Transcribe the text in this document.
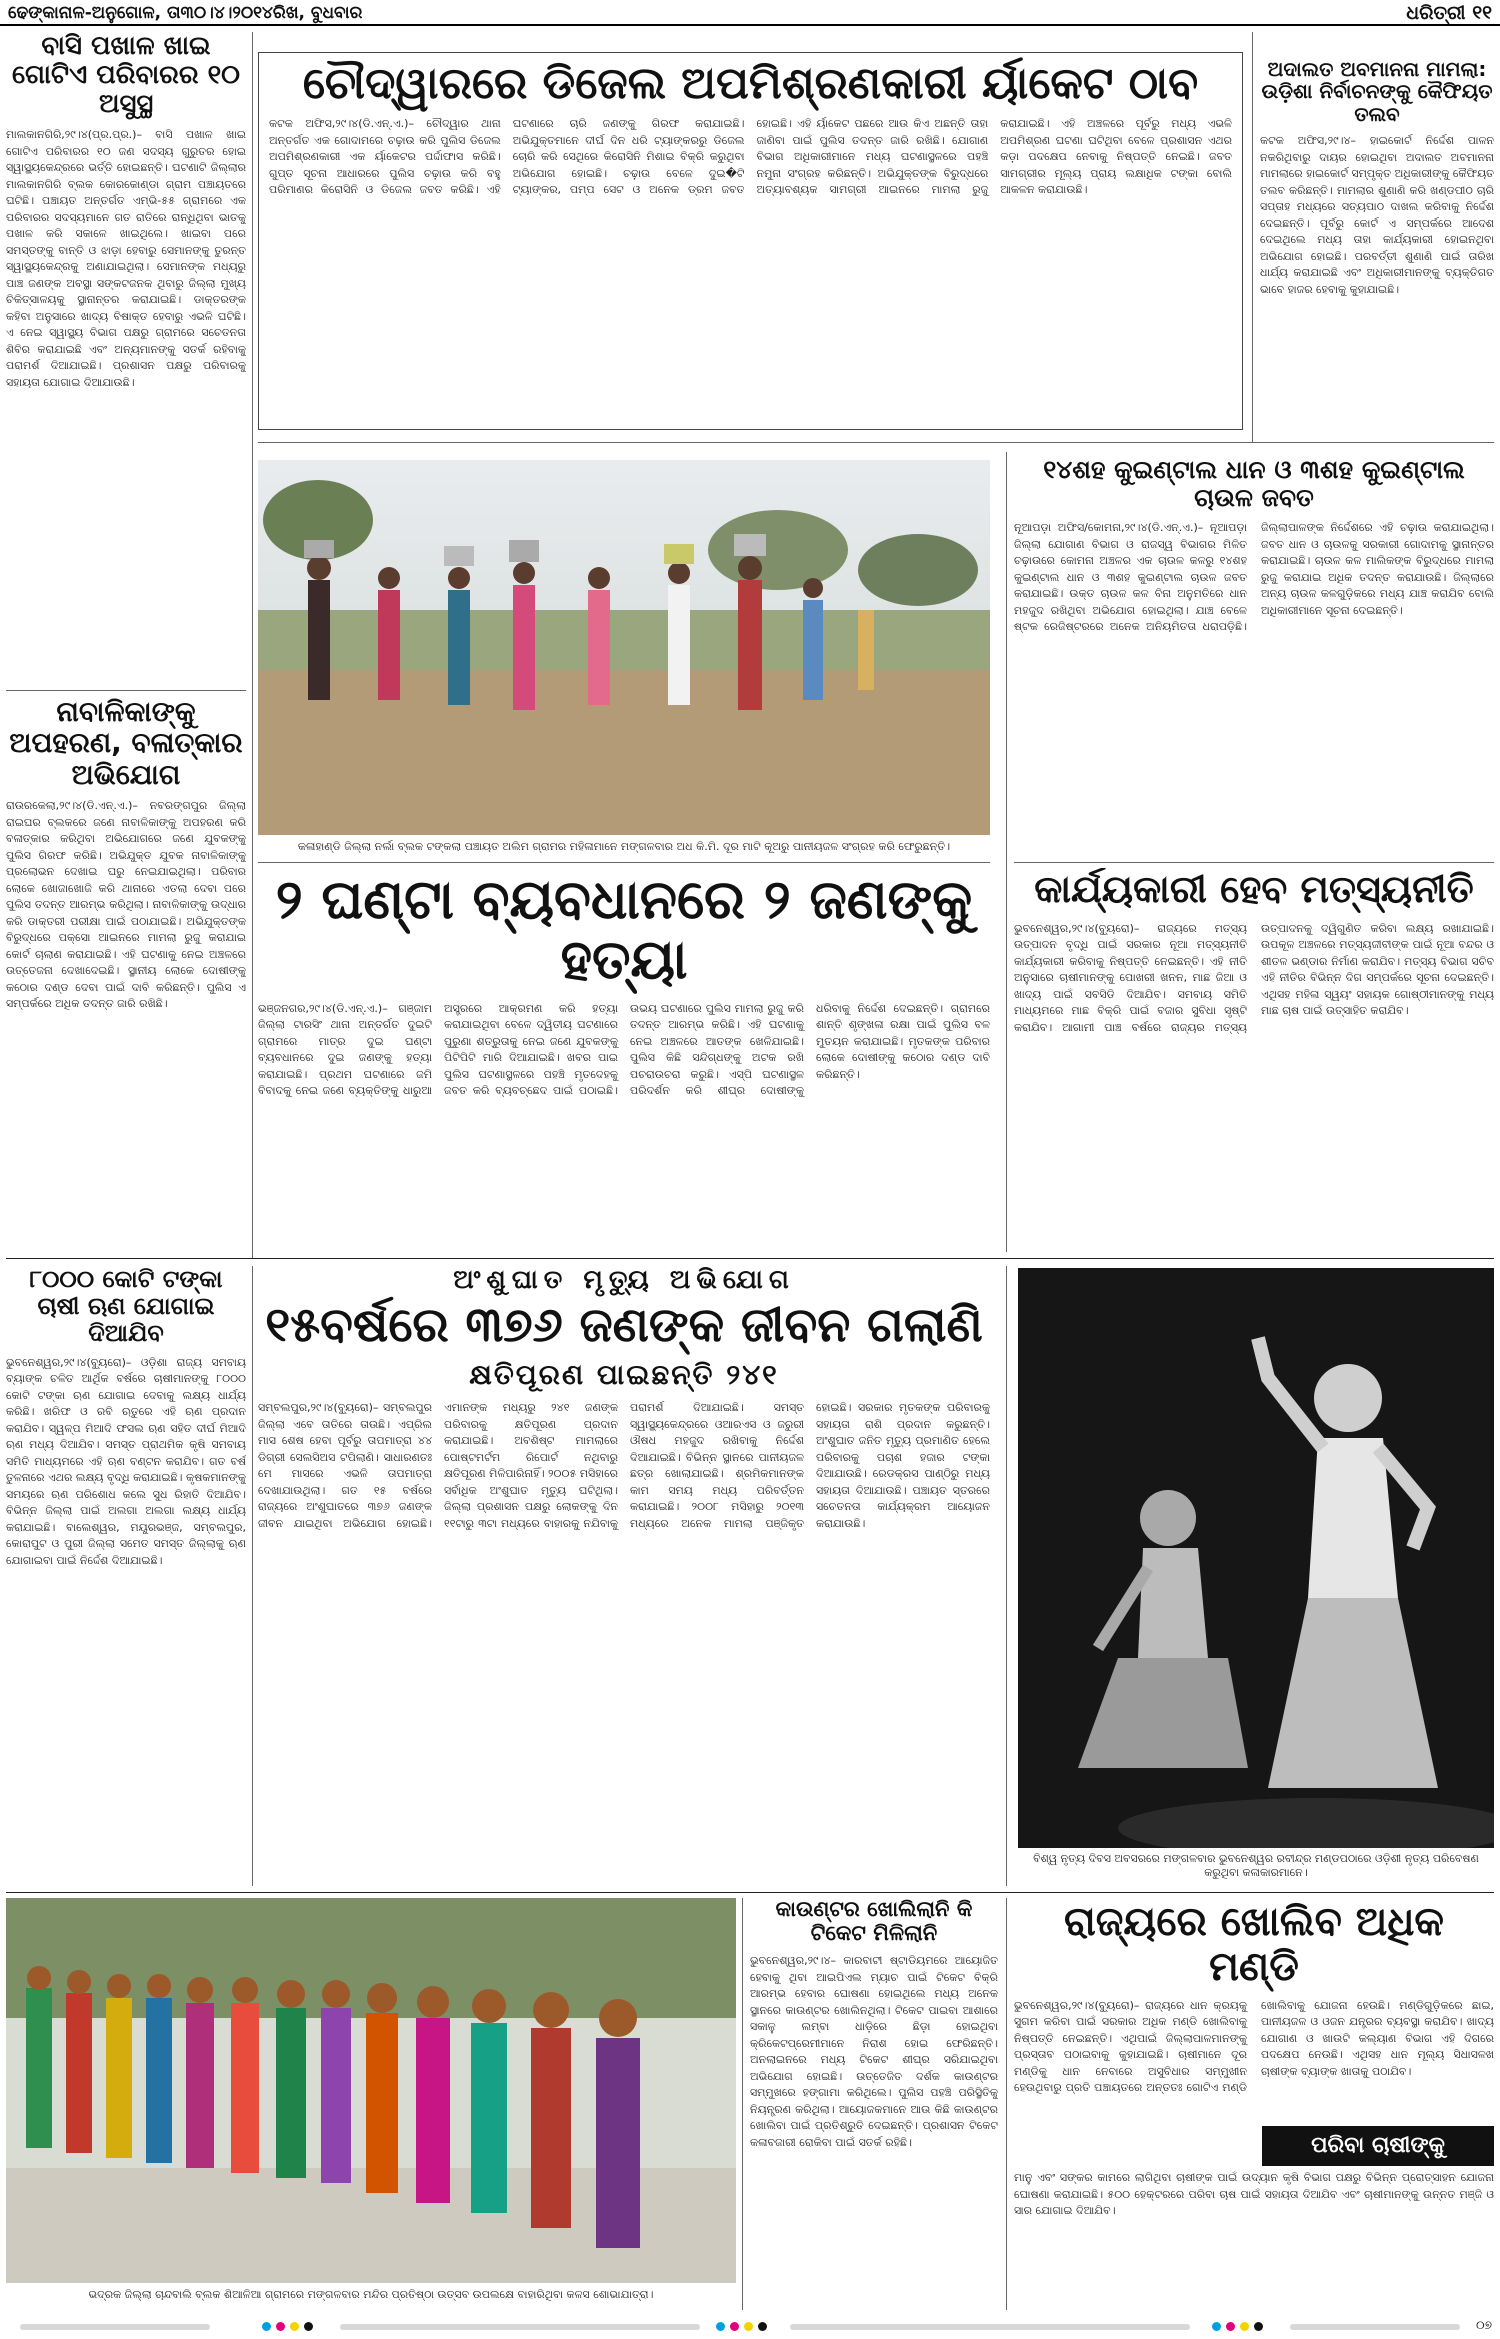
ଢେଙ୍କାନାଳ-ଅନୁଗୋଳ, ତା୩୦।୪।୨୦୧୪ରିଖ, ବୁଧବାର	ଧରିତ୍ରୀ ୧୧
ବାସି ପଖାଳ ଖାଇ ଗୋଟିଏ ପରିବାରର ୧୦ ଅସୁସ୍ଥ
ମାଲକାନଗିରି,୨୯।୪(ପ୍ର.ପ୍ର.)– ବାସି ପଖାଳ ଖାଇ ଗୋଟିଏ ପରିବାରର ୧୦ ଜଣ ସଦସ୍ୟ ଗୁରୁତର ହୋଇ ସ୍ୱାସ୍ଥ୍ୟକେନ୍ଦ୍ରରେ ଭର୍ତ୍ତି ହୋଇଛନ୍ତି। ଘଟଣାଟି ଜିଲ୍ଲାର ମାଲକାନଗିରି ବ୍ଲକ କୋରକୋଣ୍ଡା ଗ୍ରାମ ପଞ୍ଚାୟତରେ ଘଟିଛି। ପଞ୍ଚାୟତ ଅନ୍ତର୍ଗତ ଏମ୍‌ଭି-୫୫ ଗ୍ରାମରେ ଏକ ପରିବାରର ସଦସ୍ୟମାନେ ଗତ ରାତିରେ ରାନ୍ଧିଥିବା ଭାତକୁ ପଖାଳ କରି ସକାଳେ ଖାଇଥିଲେ। ଖାଇବା ପରେ ସମସ୍ତଙ୍କୁ ବାନ୍ତି ଓ ଝାଡ଼ା ହେବାରୁ ସେମାନଙ୍କୁ ତୁରନ୍ତ ସ୍ୱାସ୍ଥ୍ୟକେନ୍ଦ୍ରକୁ ଅଣାଯାଇଥିଲା। ସେମାନଙ୍କ ମଧ୍ୟରୁ ପାଞ୍ଚ ଜଣଙ୍କ ଅବସ୍ଥା ସଙ୍କଟଜନକ ଥିବାରୁ ଜିଲ୍ଲା ମୁଖ୍ୟ ଚିକିତ୍ସାଳୟକୁ ସ୍ଥାନାନ୍ତର କରାଯାଇଛି। ଡାକ୍ତରଙ୍କ କହିବା ଅନୁସାରେ ଖାଦ୍ୟ ବିଷାକ୍ତ ହେବାରୁ ଏଭଳି ଘଟିଛି। ଏ ନେଇ ସ୍ୱାସ୍ଥ୍ୟ ବିଭାଗ ପକ୍ଷରୁ ଗ୍ରାମରେ ସଚେତନତା ଶିବିର କରାଯାଇଛି ଏବଂ ଅନ୍ୟମାନଙ୍କୁ ସତର୍କ ରହିବାକୁ ପରାମର୍ଶ ଦିଆଯାଇଛି। ପ୍ରଶାସନ ପକ୍ଷରୁ ପରିବାରକୁ ସହାୟତା ଯୋଗାଇ ଦିଆଯାଉଛି।
ନାବାଳିକାଙ୍କୁ ଅପହରଣ, ବଳାତ୍କାର ଅଭିଯୋଗ
ରାଉରକେଲା,୨୯।୪(ଡି.ଏନ୍.ଏ.)– ନବରଙ୍ଗପୁର ଜିଲ୍ଲା ରାଇଘର ବ୍ଲକରେ ଜଣେ ନାବାଳିକାଙ୍କୁ ଅପହରଣ କରି ବଳାତ୍କାର କରିଥିବା ଅଭିଯୋଗରେ ଜଣେ ଯୁବକଙ୍କୁ ପୁଲିସ ଗିରଫ କରିଛି। ଅଭିଯୁକ୍ତ ଯୁବକ ନାବାଳିକାଙ୍କୁ ପ୍ରଲୋଭନ ଦେଖାଇ ଘରୁ ନେଇଯାଇଥିଲା। ପରିବାର ଲୋକେ ଖୋଜାଖୋଜି କରି ଥାନାରେ ଏତଲା ଦେବା ପରେ ପୁଲିସ ତଦନ୍ତ ଆରମ୍ଭ କରିଥିଲା। ନାବାଳିକାଙ୍କୁ ଉଦ୍ଧାର କରି ଡାକ୍ତରୀ ପରୀକ୍ଷା ପାଇଁ ପଠାଯାଇଛି। ଅଭିଯୁକ୍ତଙ୍କ ବିରୁଦ୍ଧରେ ପକ୍ସୋ ଆଇନରେ ମାମଲା ରୁଜୁ କରାଯାଇ କୋର୍ଟ ଚାଲାଣ କରାଯାଇଛି। ଏହି ଘଟଣାକୁ ନେଇ ଅଞ୍ଚଳରେ ଉତ୍ତେଜନା ଦେଖାଦେଇଛି। ସ୍ଥାନୀୟ ଲୋକେ ଦୋଷୀଙ୍କୁ କଠୋର ଦଣ୍ଡ ଦେବା ପାଇଁ ଦାବି କରିଛନ୍ତି। ପୁଲିସ ଏ ସମ୍ପର୍କରେ ଅଧିକ ତଦନ୍ତ ଜାରି ରଖିଛି।
ଚୌଦ୍ୱାରରେ ଡିଜେଲ ଅପମିଶ୍ରଣକାରୀ ର୍ୟାକେଟ ଠାବ
କଟକ ଅଫିସ,୨୯।୪(ଡି.ଏନ୍.ଏ.)– ଚୌଦ୍ୱାର ଥାନା ଅନ୍ତର୍ଗତ ଏକ ଗୋଦାମରେ ଚଢ଼ାଉ କରି ପୁଲିସ ଡିଜେଲ ଅପମିଶ୍ରଣକାରୀ ଏକ ର୍ୟାକେଟର ପର୍ଦ୍ଦାଫାସ କରିଛି। ଗୁପ୍ତ ସୂଚନା ଆଧାରରେ ପୁଲିସ ଚଢ଼ାଉ କରି ବହୁ ପରିମାଣର କିରୋସିନି ଓ ଡିଜେଲ ଜବତ କରିଛି। ଏହି ଘଟଣାରେ ଚାରି ଜଣଙ୍କୁ ଗିରଫ କରାଯାଇଛି। ଅଭିଯୁକ୍ତମାନେ ଦୀର୍ଘ ଦିନ ଧରି ଟ୍ୟାଙ୍କରରୁ ଡିଜେଲ ଚୋରି କରି ସେଥିରେ କିରୋସିନି ମିଶାଇ ବିକ୍ରି କରୁଥିବା ଅଭିଯୋଗ ହୋଇଛି। ଚଢ଼ାଉ ବେଳେ ଦୁଇ�ଟି ଟ୍ୟାଙ୍କର, ପମ୍ପ ସେଟ ଓ ଅନେକ ଡ୍ରମ ଜବତ ହୋଇଛି। ଏହି ର୍ୟାକେଟ ପଛରେ ଆଉ କିଏ ଅଛନ୍ତି ତାହା ଜାଣିବା ପାଇଁ ପୁଲିସ ତଦନ୍ତ ଜାରି ରଖିଛି। ଯୋଗାଣ ବିଭାଗ ଅଧିକାରୀମାନେ ମଧ୍ୟ ଘଟଣାସ୍ଥଳରେ ପହଞ୍ଚି ନମୁନା ସଂଗ୍ରହ କରିଛନ୍ତି। ଅଭିଯୁକ୍ତଙ୍କ ବିରୁଦ୍ଧରେ ଅତ୍ୟାବଶ୍ୟକ ସାମଗ୍ରୀ ଆଇନରେ ମାମଲା ରୁଜୁ କରାଯାଇଛି। ଏହି ଅଞ୍ଚଳରେ ପୂର୍ବରୁ ମଧ୍ୟ ଏଭଳି ଅପମିଶ୍ରଣ ଘଟଣା ଘଟିଥିବା ବେଳେ ପ୍ରଶାସନ ଏଥର କଡ଼ା ପଦକ୍ଷେପ ନେବାକୁ ନିଷ୍ପତ୍ତି ନେଇଛି। ଜବତ ସାମଗ୍ରୀର ମୂଲ୍ୟ ପ୍ରାୟ ଲକ୍ଷାଧିକ ଟଙ୍କା ବୋଲି ଆକଳନ କରାଯାଉଛି।
ଅଦାଲତ ଅବମାନନା ମାମଲା: ଉଡ଼ିଶା ନିର୍ବାଚନଙ୍କୁ କୈଫିୟତ ତଲବ
କଟକ ଅଫିସ,୨୯।୪– ହାଇକୋର୍ଟ ନିର୍ଦ୍ଦେଶ ପାଳନ ନକରିଥିବାରୁ ଦାୟର ହୋଇଥିବା ଅଦାଲତ ଅବମାନନା ମାମଲାରେ ହାଇକୋର୍ଟ ସମ୍ପୃକ୍ତ ଅଧିକାରୀଙ୍କୁ କୈଫିୟତ ତଲବ କରିଛନ୍ତି। ମାମଲାର ଶୁଣାଣି କରି ଖଣ୍ଡପୀଠ ଚାରି ସପ୍ତାହ ମଧ୍ୟରେ ସତ୍ୟପାଠ ଦାଖଲ କରିବାକୁ ନିର୍ଦ୍ଦେଶ ଦେଇଛନ୍ତି। ପୂର୍ବରୁ କୋର୍ଟ ଏ ସମ୍ପର୍କରେ ଆଦେଶ ଦେଇଥିଲେ ମଧ୍ୟ ତାହା କାର୍ଯ୍ୟକାରୀ ହୋଇନଥିବା ଅଭିଯୋଗ ହୋଇଛି। ପରବର୍ତ୍ତୀ ଶୁଣାଣି ପାଇଁ ତାରିଖ ଧାର୍ଯ୍ୟ କରାଯାଇଛି ଏବଂ ଅଧିକାରୀମାନଙ୍କୁ ବ୍ୟକ୍ତିଗତ ଭାବେ ହାଜର ହେବାକୁ କୁହାଯାଇଛି।
କଳାହାଣ୍ଡି ଜିଲ୍ଲା ନର୍ଲା ବ୍ଲକ ଟଙ୍କଲା ପଞ୍ଚାୟତ ଅଲିମ ଗ୍ରାମର ମହିଳାମାନେ ମଙ୍ଗଳବାର ଅଧ କି.ମି. ଦୂର ମାଟି କୂଅରୁ ପାନୀୟଜଳ ସଂଗ୍ରହ କରି ଫେରୁଛନ୍ତି।
୨ ଘଣ୍ଟା ବ୍ୟବଧାନରେ ୨ ଜଣଙ୍କୁ ହତ୍ୟା
ଭଞ୍ଜନଗର,୨୯।୪(ଡି.ଏନ୍.ଏ.)– ଗଞ୍ଜାମ ଜିଲ୍ଲା ଟାରସିଂ ଥାନା ଅନ୍ତର୍ଗତ ଦୁଇଟି ଗ୍ରାମରେ ମାତ୍ର ଦୁଇ ଘଣ୍ଟା ବ୍ୟବଧାନରେ ଦୁଇ ଜଣଙ୍କୁ ହତ୍ୟା କରାଯାଇଛି। ପ୍ରଥମ ଘଟଣାରେ ଜମି ବିବାଦକୁ ନେଇ ଜଣେ ବ୍ୟକ୍ତିଙ୍କୁ ଧାରୁଆ ଅସ୍ତ୍ରରେ ଆକ୍ରମଣ କରି ହତ୍ୟା କରାଯାଇଥିବା ବେଳେ ଦ୍ୱିତୀୟ ଘଟଣାରେ ପୁରୁଣା ଶତ୍ରୁତାକୁ ନେଇ ଜଣେ ଯୁବକଙ୍କୁ ପିଟିପିଟି ମାରି ଦିଆଯାଇଛି। ଖବର ପାଇ ପୁଲିସ ଘଟଣାସ୍ଥଳରେ ପହଞ୍ଚି ମୃତଦେହକୁ ଜବତ କରି ବ୍ୟବଚ୍ଛେଦ ପାଇଁ ପଠାଇଛି। ଉଭୟ ଘଟଣାରେ ପୁଲିସ ମାମଲା ରୁଜୁ କରି ତଦନ୍ତ ଆରମ୍ଭ କରିଛି। ଏହି ଘଟଣାକୁ ନେଇ ଅଞ୍ଚଳରେ ଆତଙ୍କ ଖେଳିଯାଇଛି। ପୁଲିସ କିଛି ସନ୍ଦିଗ୍ଧଙ୍କୁ ଅଟକ ରଖି ପଚରାଉଚରା କରୁଛି। ଏସ୍‌ପି ଘଟଣାସ୍ଥଳ ପରିଦର୍ଶନ କରି ଶୀଘ୍ର ଦୋଷୀଙ୍କୁ ଧରିବାକୁ ନିର୍ଦ୍ଦେଶ ଦେଇଛନ୍ତି। ଗ୍ରାମରେ ଶାନ୍ତି ଶୃଙ୍ଖଳା ରକ୍ଷା ପାଇଁ ପୁଲିସ ବଳ ମୁତୟନ କରାଯାଇଛି। ମୃତକଙ୍କ ପରିବାର ଲୋକେ ଦୋଷୀଙ୍କୁ କଠୋର ଦଣ୍ଡ ଦାବି କରିଛନ୍ତି।
୧୪ଶହ କୁଇଣ୍ଟାଲ ଧାନ ଓ ୩ଶହ କୁଇଣ୍ଟାଲ ଚାଉଳ ଜବତ
ନୂଆପଡ଼ା ଅଫିସ/କୋମନା,୨୯।୪(ଡି.ଏନ୍.ଏ.)– ନୂଆପଡ଼ା ଜିଲ୍ଲା ଯୋଗାଣ ବିଭାଗ ଓ ରାଜସ୍ୱ ବିଭାଗର ମିଳିତ ଚଢ଼ାଉରେ କୋମନା ଅଞ୍ଚଳର ଏକ ଚାଉଳ କଳରୁ ୧୪ଶହ କୁଇଣ୍ଟାଲ ଧାନ ଓ ୩ଶହ କୁଇଣ୍ଟାଲ ଚାଉଳ ଜବତ କରାଯାଇଛି। ଉକ୍ତ ଚାଉଳ କଳ ବିନା ଅନୁମତିରେ ଧାନ ମହଜୁଦ ରଖିଥିବା ଅଭିଯୋଗ ହୋଇଥିଲା। ଯାଞ୍ଚ ବେଳେ ଷ୍ଟକ ରେଜିଷ୍ଟରରେ ଅନେକ ଅନିୟମିତତା ଧରାପଡ଼ିଛି। ଜିଲ୍ଲାପାଳଙ୍କ ନିର୍ଦ୍ଦେଶରେ ଏହି ଚଢ଼ାଉ କରାଯାଇଥିଲା। ଜବତ ଧାନ ଓ ଚାଉଳକୁ ସରକାରୀ ଗୋଦାମକୁ ସ୍ଥାନାନ୍ତର କରାଯାଇଛି। ଚାଉଳ କଳ ମାଲିକଙ୍କ ବିରୁଦ୍ଧରେ ମାମଲା ରୁଜୁ କରାଯାଇ ଅଧିକ ତଦନ୍ତ କରାଯାଉଛି। ଜିଲ୍ଲାରେ ଅନ୍ୟ ଚାଉଳ କଳଗୁଡ଼ିକରେ ମଧ୍ୟ ଯାଞ୍ଚ କରାଯିବ ବୋଲି ଅଧିକାରୀମାନେ ସୂଚନା ଦେଇଛନ୍ତି।
କାର୍ଯ୍ୟକାରୀ ହେବ ମତ୍ସ୍ୟନୀତି
ଭୁବନେଶ୍ୱର,୨୯।୪(ବ୍ୟୁରୋ)– ରାଜ୍ୟରେ ମତ୍ସ୍ୟ ଉତ୍ପାଦନ ବୃଦ୍ଧି ପାଇଁ ସରକାର ନୂଆ ମତ୍ସ୍ୟନୀତି କାର୍ଯ୍ୟକାରୀ କରିବାକୁ ନିଷ୍ପତ୍ତି ନେଇଛନ୍ତି। ଏହି ନୀତି ଅନୁସାରେ ଚାଷୀମାନଙ୍କୁ ପୋଖରୀ ଖନନ, ମାଛ ଜିଆ ଓ ଖାଦ୍ୟ ପାଇଁ ସବସିଡି ଦିଆଯିବ। ସମବାୟ ସମିତି ମାଧ୍ୟମରେ ମାଛ ବିକ୍ରି ପାଇଁ ବଜାର ସୁବିଧା ସୃଷ୍ଟି କରାଯିବ। ଆଗାମୀ ପାଞ୍ଚ ବର୍ଷରେ ରାଜ୍ୟର ମତ୍ସ୍ୟ ଉତ୍ପାଦନକୁ ଦ୍ୱିଗୁଣିତ କରିବା ଲକ୍ଷ୍ୟ ରଖାଯାଇଛି। ଉପକୂଳ ଅଞ୍ଚଳରେ ମତ୍ସ୍ୟଜୀବୀଙ୍କ ପାଇଁ ନୂଆ ବନ୍ଦର ଓ ଶୀତଳ ଭଣ୍ଡାର ନିର୍ମାଣ କରାଯିବ। ମତ୍ସ୍ୟ ବିଭାଗ ସଚିବ ଏହି ନୀତିର ବିଭିନ୍ନ ଦିଗ ସମ୍ପର୍କରେ ସୂଚନା ଦେଇଛନ୍ତି। ଏଥିସହ ମହିଳା ସ୍ୱୟଂ ସହାୟକ ଗୋଷ୍ଠୀମାନଙ୍କୁ ମଧ୍ୟ ମାଛ ଚାଷ ପାଇଁ ଉତ୍ସାହିତ କରାଯିବ।
୮୦୦୦ କୋଟି ଟଙ୍କା ଚାଷୀ ଋଣ ଯୋଗାଇ ଦିଆଯିବ
ଭୁବନେଶ୍ୱର,୨୯।୪(ବ୍ୟୁରୋ)– ଓଡ଼ିଶା ରାଜ୍ୟ ସମବାୟ ବ୍ୟାଙ୍କ ଚଳିତ ଆର୍ଥିକ ବର୍ଷରେ ଚାଷୀମାନଙ୍କୁ ୮୦୦୦ କୋଟି ଟଙ୍କା ଋଣ ଯୋଗାଇ ଦେବାକୁ ଲକ୍ଷ୍ୟ ଧାର୍ଯ୍ୟ କରିଛି। ଖରିଫ ଓ ରବି ଋତୁରେ ଏହି ଋଣ ପ୍ରଦାନ କରାଯିବ। ସ୍ୱଳ୍ପ ମିଆଦି ଫସଲ ଋଣ ସହିତ ଦୀର୍ଘ ମିଆଦି ଋଣ ମଧ୍ୟ ଦିଆଯିବ। ସମସ୍ତ ପ୍ରାଥମିକ କୃଷି ସମବାୟ ସମିତି ମାଧ୍ୟମରେ ଏହି ଋଣ ବଣ୍ଟନ କରାଯିବ। ଗତ ବର୍ଷ ତୁଳନାରେ ଏଥର ଲକ୍ଷ୍ୟ ବୃଦ୍ଧି କରାଯାଇଛି। କୃଷକମାନଙ୍କୁ ସମୟରେ ଋଣ ପରିଶୋଧ କଲେ ସୁଧ ରିହାତି ଦିଆଯିବ। ବିଭିନ୍ନ ଜିଲ୍ଲା ପାଇଁ ଅଲଗା ଅଲଗା ଲକ୍ଷ୍ୟ ଧାର୍ଯ୍ୟ କରାଯାଇଛି। ବାଲେଶ୍ୱର, ମୟୂରଭଞ୍ଜ, ସମ୍ବଲପୁର, କୋରାପୁଟ ଓ ପୁରୀ ଜିଲ୍ଲା ସମେତ ସମସ୍ତ ଜିଲ୍ଲାକୁ ଋଣ ଯୋଗାଇବା ପାଇଁ ନିର୍ଦ୍ଦେଶ ଦିଆଯାଇଛି।
ଅଂଶୁଘାତ ମୃତ୍ୟୁ ଅଭିଯୋଗ
୧୫ବର୍ଷରେ ୩୭୬ ଜଣଙ୍କ ଜୀବନ ଗଲାଣି
କ୍ଷତିପୂରଣ ପାଇଛନ୍ତି ୨୪୧
ସମ୍ବଲପୁର,୨୯।୪(ବ୍ୟୁରୋ)– ସମ୍ବଲପୁର ଜିଲ୍ଲା ଏବେ ତାତିରେ ତାଉଛି। ଏପ୍ରିଲ ମାସ ଶେଷ ହେବା ପୂର୍ବରୁ ତାପମାତ୍ରା ୪୪ ଡିଗ୍ରୀ ସେଲସିଅସ ଟପିଲାଣି। ସାଧାରଣତଃ ମେ ମାସରେ ଏଭଳି ତାପମାତ୍ରା ଦେଖାଯାଉଥିଲା। ଗତ ୧୫ ବର୍ଷରେ ରାଜ୍ୟରେ ଅଂଶୁଘାତରେ ୩୭୬ ଜଣଙ୍କ ଜୀବନ ଯାଇଥିବା ଅଭିଯୋଗ ହୋଇଛି। ଏମାନଙ୍କ ମଧ୍ୟରୁ ୨୪୧ ଜଣଙ୍କ ପରିବାରକୁ କ୍ଷତିପୂରଣ ପ୍ରଦାନ କରାଯାଇଛି। ଅବଶିଷ୍ଟ ମାମଲାରେ ପୋଷ୍ଟମର୍ଟମ ରିପୋର୍ଟ ନଥିବାରୁ କ୍ଷତିପୂରଣ ମିଳିପାରିନାହିଁ। ୨୦୦୫ ମସିହାରେ ସର୍ବାଧିକ ଅଂଶୁଘାତ ମୃତ୍ୟୁ ଘଟିଥିଲା। ଜିଲ୍ଲା ପ୍ରଶାସନ ପକ୍ଷରୁ ଲୋକଙ୍କୁ ଦିନ ୧୧ଟାରୁ ୩ଟା ମଧ୍ୟରେ ବାହାରକୁ ନଯିବାକୁ ପରାମର୍ଶ ଦିଆଯାଇଛି। ସମସ୍ତ ସ୍ୱାସ୍ଥ୍ୟକେନ୍ଦ୍ରରେ ଓଆରଏସ ଓ ଜରୁରୀ ଔଷଧ ମହଜୁଦ ରଖିବାକୁ ନିର୍ଦ୍ଦେଶ ଦିଆଯାଇଛି। ବିଭିନ୍ନ ସ୍ଥାନରେ ପାନୀୟଜଳ ଛତ୍ର ଖୋଲାଯାଇଛି। ଶ୍ରମିକମାନଙ୍କ କାମ ସମୟ ମଧ୍ୟ ପରିବର୍ତ୍ତନ କରାଯାଇଛି। ୨୦୦୮ ମସିହାରୁ ୨୦୧୩ ମଧ୍ୟରେ ଅନେକ ମାମଲା ପଞ୍ଜିକୃତ ହୋଇଛି। ସରକାର ମୃତକଙ୍କ ପରିବାରକୁ ସହାୟତା ରାଶି ପ୍ରଦାନ କରୁଛନ୍ତି। ଅଂଶୁଘାତ ଜନିତ ମୃତ୍ୟୁ ପ୍ରମାଣିତ ହେଲେ ପରିବାରକୁ ପଚାଶ ହଜାର ଟଙ୍କା ଦିଆଯାଉଛି। ରେଡକ୍ରସ ପାଣ୍ଠିରୁ ମଧ୍ୟ ସହାୟତା ଦିଆଯାଉଛି। ପଞ୍ଚାୟତ ସ୍ତରରେ ସଚେତନତା କାର୍ଯ୍ୟକ୍ରମ ଆୟୋଜନ କରାଯାଉଛି।
ବିଶ୍ୱ ନୃତ୍ୟ ଦିବସ ଅବସରରେ ମଙ୍ଗଳବାର ଭୁବନେଶ୍ୱର ରବୀନ୍ଦ୍ର ମଣ୍ଡପଠାରେ ଓଡ଼ିଶୀ ନୃତ୍ୟ ପରିବେଷଣ କରୁଥିବା କଳାକାରମାନେ।
ଭଦ୍ରକ ଜିଲ୍ଲା ଚାନ୍ଦବାଲି ବ୍ଲକ ଶିଆଳିଆ ଗ୍ରାମରେ ମଙ୍ଗଳବାର ମନ୍ଦିର ପ୍ରତିଷ୍ଠା ଉତ୍ସବ ଉପଲକ୍ଷେ ବାହାରିଥିବା କଳସ ଶୋଭାଯାତ୍ରା।
କାଉଣ୍ଟର ଖୋଲିଲାନି କି ଟିକେଟ ମିଳିଲାନି
ଭୁବନେଶ୍ୱର,୨୯।୪– କାରବାଟୀ ଷ୍ଟାଡିୟମରେ ଆୟୋଜିତ ହେବାକୁ ଥିବା ଆଇପିଏଲ ମ୍ୟାଚ ପାଇଁ ଟିକେଟ ବିକ୍ରି ଆରମ୍ଭ ହେବାର ଘୋଷଣା ହୋଇଥିଲେ ମଧ୍ୟ ଅନେକ ସ୍ଥାନରେ କାଉଣ୍ଟର ଖୋଲିନଥିଲା। ଟିକେଟ ପାଇବା ଆଶାରେ ସକାଳୁ ଲମ୍ବା ଧାଡ଼ିରେ ଛିଡ଼ା ହୋଇଥିବା କ୍ରିକେଟପ୍ରେମୀମାନେ ନିରାଶ ହୋଇ ଫେରିଛନ୍ତି। ଅନଲାଇନରେ ମଧ୍ୟ ଟିକେଟ ଶୀଘ୍ର ସରିଯାଇଥିବା ଅଭିଯୋଗ ହୋଇଛି। ଉତ୍ତେଜିତ ଦର୍ଶକ କାଉଣ୍ଟର ସମ୍ମୁଖରେ ହଙ୍ଗାମା କରିଥିଲେ। ପୁଲିସ ପହଞ୍ଚି ପରିସ୍ଥିତିକୁ ନିୟନ୍ତ୍ରଣ କରିଥିଲା। ଆୟୋଜକମାନେ ଆଉ କିଛି କାଉଣ୍ଟର ଖୋଲିବା ପାଇଁ ପ୍ରତିଶ୍ରୁତି ଦେଇଛନ୍ତି। ପ୍ରଶାସନ ଟିକେଟ କଳାବଜାରୀ ରୋକିବା ପାଇଁ ସତର୍କ ରହିଛି।
ରାଜ୍ୟରେ ଖୋଲିବ ଅଧିକ ମଣ୍ଡି
ଭୁବନେଶ୍ୱର,୨୯।୪(ବ୍ୟୁରୋ)– ରାଜ୍ୟରେ ଧାନ କ୍ରୟକୁ ସୁଗମ କରିବା ପାଇଁ ସରକାର ଅଧିକ ମଣ୍ଡି ଖୋଲିବାକୁ ନିଷ୍ପତ୍ତି ନେଇଛନ୍ତି। ଏଥିପାଇଁ ଜିଲ୍ଲାପାଳମାନଙ୍କୁ ପ୍ରସ୍ତାବ ପଠାଇବାକୁ କୁହାଯାଇଛି। ଚାଷୀମାନେ ଦୂର ମଣ୍ଡିକୁ ଧାନ ନେବାରେ ଅସୁବିଧାର ସମ୍ମୁଖୀନ ହେଉଥିବାରୁ ପ୍ରତି ପଞ୍ଚାୟତରେ ଅନ୍ତତଃ ଗୋଟିଏ ମଣ୍ଡି ଖୋଲିବାକୁ ଯୋଜନା ହେଉଛି। ମଣ୍ଡିଗୁଡ଼ିକରେ ଛାଇ, ପାନୀୟଜଳ ଓ ଓଜନ ଯନ୍ତ୍ରର ବ୍ୟବସ୍ଥା କରାଯିବ। ଖାଦ୍ୟ ଯୋଗାଣ ଓ ଖାଉଟି କଲ୍ୟାଣ ବିଭାଗ ଏହି ଦିଗରେ ପଦକ୍ଷେପ ନେଉଛି। ଏଥିସହ ଧାନ ମୂଲ୍ୟ ସିଧାସଳଖ ଚାଷୀଙ୍କ ବ୍ୟାଙ୍କ ଖାତାକୁ ପଠାଯିବ।
ପରିବା ଚାଷୀଙ୍କୁ
ମାନୁ ଏବଂ ସଙ୍କର କାମରେ ଲାଗିଥିବା ଚାଷୀଙ୍କ ପାଇଁ ଉଦ୍ୟାନ କୃଷି ବିଭାଗ ପକ୍ଷରୁ ବିଭିନ୍ନ ପ୍ରୋତ୍ସାହନ ଯୋଜନା ଘୋଷଣା କରାଯାଇଛି। ୫୦୦ ହେକ୍ଟରରେ ପରିବା ଚାଷ ପାଇଁ ସହାୟତା ଦିଆଯିବ ଏବଂ ଚାଷୀମାନଙ୍କୁ ଉନ୍ନତ ମଞ୍ଜି ଓ ସାର ଯୋଗାଇ ଦିଆଯିବ।
୦୭
